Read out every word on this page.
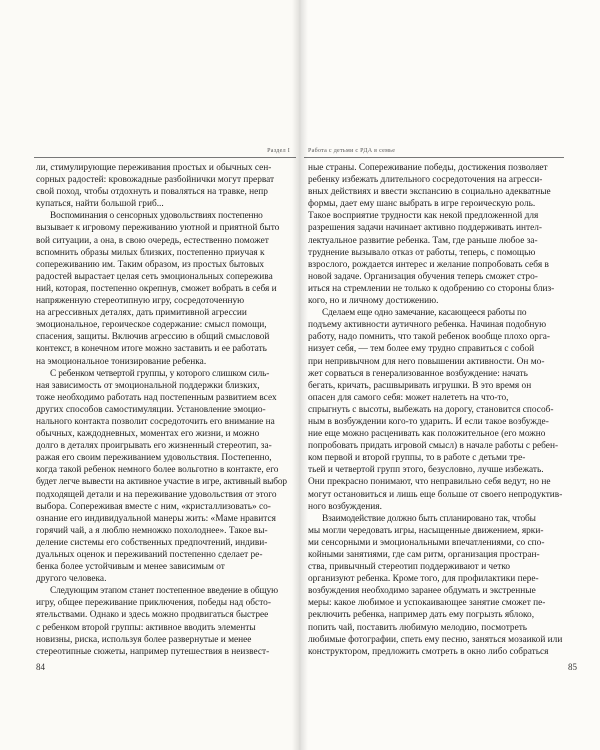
Раздел I
ли, стимулирующие переживания простых и обычных сен-
сорных радостей: кровожадные разбойнички могут прерват
свой поход, чтобы отдохнуть и поваляться на травке, непр
купаться, найти большой гриб...
Воспоминания о сенсорных удовольствиях постепенно
вызывает к игровому переживанию уютной и приятной быто
вой ситуации, а она, в свою очередь, естественно поможет
вспомнить образы милых близких, постепенно приучая к
сопереживанию им. Таким образом, из простых бытовых
радостей вырастает целая сеть эмоциональных сопережива
ний, которая, постепенно окрепнув, сможет вобрать в себя и
напряженную стереотипную игру, сосредоточенную
на агрессивных деталях, дать примитивной агрессии
эмоциональное, героическое содержание: смысл помощи,
спасения, защиты. Включив агрессию в общий смысловой
контекст, в конечном итоге можно заставить и ее работать
на эмоциональное тонизирование ребенка.
С ребенком четвертой группы, у которого слишком силь-
ная зависимость от эмоциональной поддержки близких,
тоже необходимо работать над постепенным развитием всех
других способов самостимуляции. Установление эмоцио-
нального контакта позволит сосредоточить его внимание на
обычных, каждодневных, моментах его жизни, и можно
долго в деталях проигрывать его жизненный стереотип, за-
ражая его своим переживанием удовольствия. Постепенно,
когда такой ребенок немного более вольготно в контакте, его
будет легче вывести на активное участие в игре, активный выбор
подходящей детали и на переживание удовольствия от этого
выбора. Сопереживая вместе с ним, «кристаллизовать» со-
ознание его индивидуальной манеры жить: «Маме нравится
горячий чай, а я люблю немножко похолоднее». Такое вы-
деление системы его собственных предпочтений, индиви-
дуальных оценок и переживаний постепенно сделает ре-
бенка более устойчивым и менее зависимым от
другого человека.
Следующим этапом станет постепенное введение в общую
игру, общее переживание приключения, победы над обсто-
ятельствами. Однако и здесь можно продвигаться быстрее
с ребенком второй группы: активное вводить элементы
новизны, риска, используя более развернутые и менее
стереотипные сюжеты, например путешествия в неизвест-
84
Работа с детьми с РДА в семье
ные страны. Сопереживание победы, достижения позволяет
ребенку избежать длительного сосредоточения на агресси-
вных действиях и ввести экспансию в социально адекватные
формы, дает ему шанс выбрать в игре героическую роль.
Такое восприятие трудности как некой предложенной для
разрешения задачи начинает активно поддерживать интел-
лектуальное развитие ребенка. Там, где раньше любое за-
труднение вызывало отказ от работы, теперь, с помощью
взрослого, рождается интерес и желание попробовать себя в
новой задаче. Организация обучения теперь сможет стро-
иться на стремлении не только к одобрению со стороны близ-
кого, но и личному достижению.
Сделаем еще одно замечание, касающееся работы по
подъему активности аутичного ребенка. Начиная подобную
работу, надо помнить, что такой ребенок вообще плохо орга-
низует себя, — тем более ему трудно справиться с собой
при непривычном для него повышении активности. Он мо-
жет сорваться в генерализованное возбуждение: начать
бегать, кричать, расшвыривать игрушки. В это время он
опасен для самого себя: может налететь на что-то,
спрыгнуть с высоты, выбежать на дорогу, становится способ-
ным в возбуждении кого-то ударить. И если такое возбужде-
ние еще можно расценивать как положительное (его можно
попробовать придать игровой смысл) в начале работы с ребен-
ком первой и второй группы, то в работе с детьми тре-
тьей и четвертой групп этого, безусловно, лучше избежать.
Они прекрасно понимают, что неправильно себя ведут, но не
могут остановиться и лишь еще больше от своего непродуктив-
ного возбуждения.
Взаимодействие должно быть спланировано так, чтобы
мы могли чередовать игры, насыщенные движением, ярки-
ми сенсорными и эмоциональными впечатлениями, со спо-
койными занятиями, где сам ритм, организация простран-
ства, привычный стереотип поддерживают и четко
организуют ребенка. Кроме того, для профилактики пере-
возбуждения необходимо заранее обдумать и экстренные
меры: какое любимое и успокаивающее занятие сможет пе-
реключить ребенка, например дать ему погрызть яблоко,
попить чай, поставить любимую мелодию, посмотреть
любимые фотографии, спеть ему песню, заняться мозаикой или
конструктором, предложить смотреть в окно либо собраться
85
